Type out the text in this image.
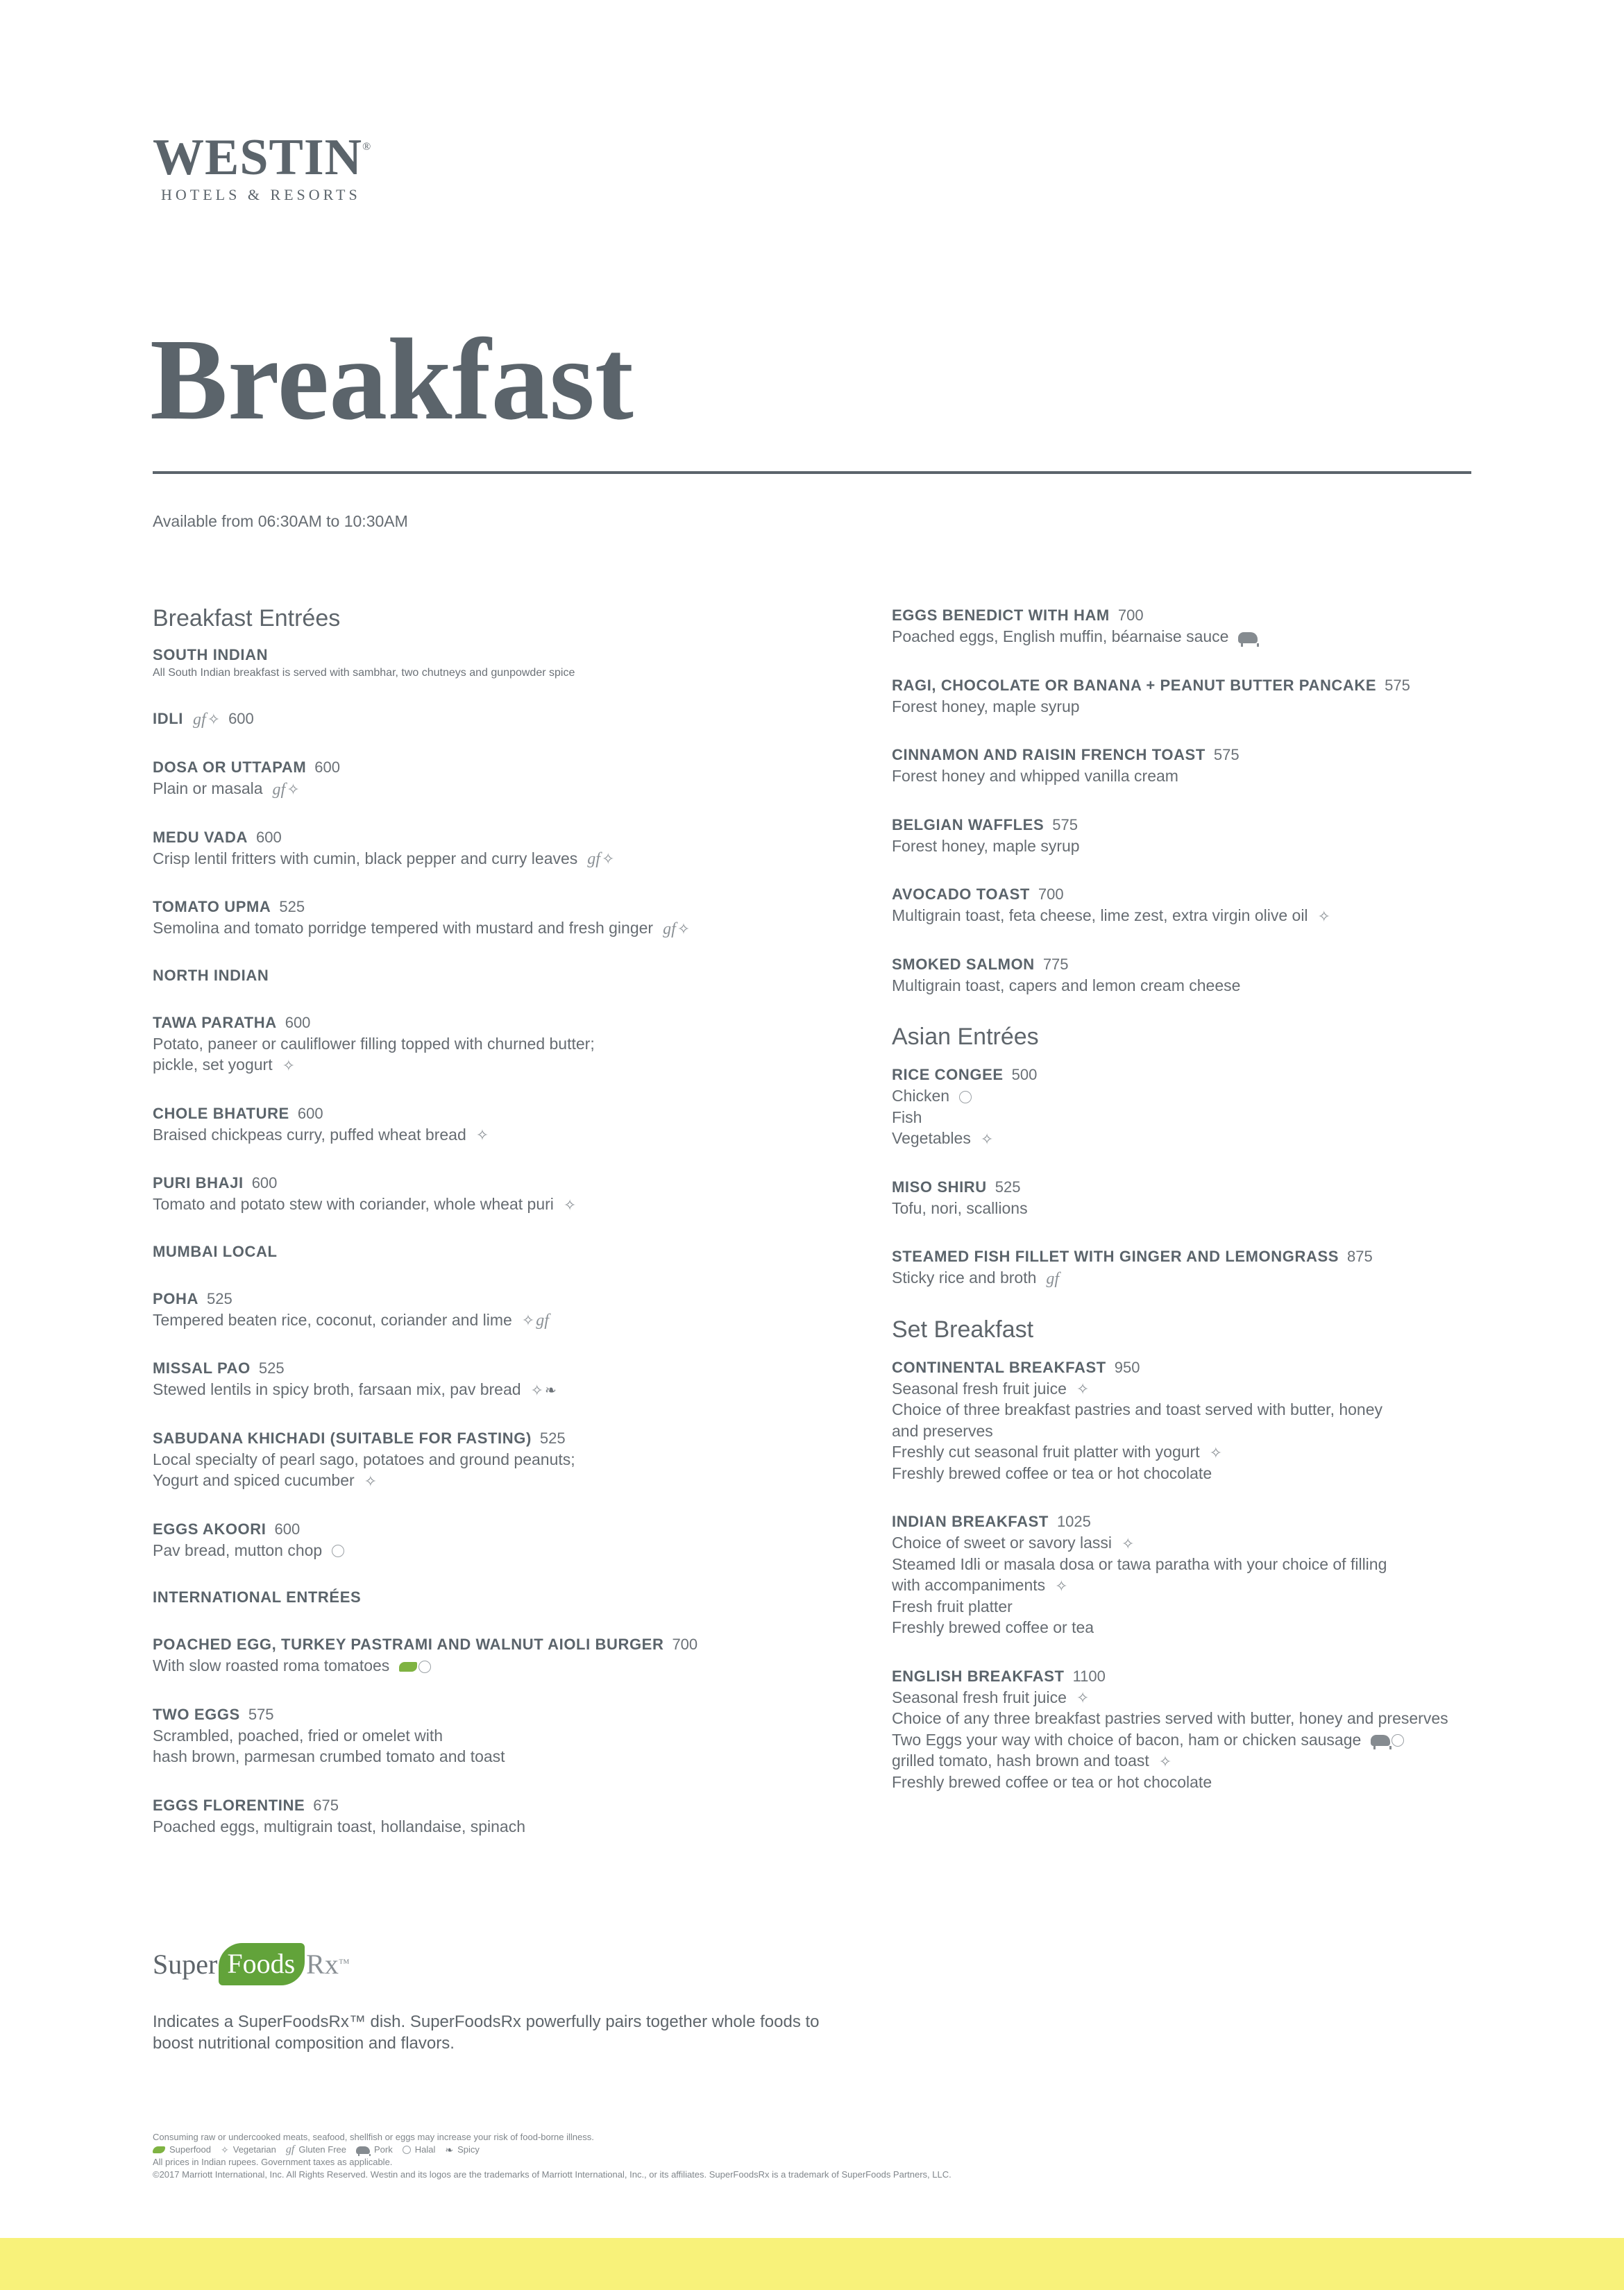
WESTIN®
HOTELS & RESORTS
Breakfast
Available from 06:30AM to 10:30AM
Breakfast Entrées
SOUTH INDIAN
All South Indian breakfast is served with sambhar, two chutneys and gunpowder spice
IDLI gf ✧ 600
DOSA OR UTTAPAM 600
Plain or masala gf ✧
MEDU VADA 600
Crisp lentil fritters with cumin, black pepper and curry leaves gf ✧
TOMATO UPMA 525
Semolina and tomato porridge tempered with mustard and fresh ginger gf ✧
NORTH INDIAN
TAWA PARATHA 600
Potato, paneer or cauliflower filling topped with churned butter;
pickle, set yogurt ✧
CHOLE BHATURE 600
Braised chickpeas curry, puffed wheat bread ✧
PURI BHAJI 600
Tomato and potato stew with coriander, whole wheat puri ✧
MUMBAI LOCAL
POHA 525
Tempered beaten rice, coconut, coriander and lime ✧ gf
MISSAL PAO 525
Stewed lentils in spicy broth, farsaan mix, pav bread ✧ ❧
SABUDANA KHICHADI (SUITABLE FOR FASTING) 525
Local specialty of pearl sago, potatoes and ground peanuts;
Yogurt and spiced cucumber ✧
EGGS AKOORI 600
Pav bread, mutton chop
INTERNATIONAL ENTRÉES
POACHED EGG, TURKEY PASTRAMI AND WALNUT AIOLI BURGER 700
With slow roasted roma tomatoes
TWO EGGS 575
Scrambled, poached, fried or omelet with
hash brown, parmesan crumbed tomato and toast
EGGS FLORENTINE 675
Poached eggs, multigrain toast, hollandaise, spinach
EGGS BENEDICT WITH HAM 700
Poached eggs, English muffin, béarnaise sauce
RAGI, CHOCOLATE OR BANANA + PEANUT BUTTER PANCAKE 575
Forest honey, maple syrup
CINNAMON AND RAISIN FRENCH TOAST 575
Forest honey and whipped vanilla cream
BELGIAN WAFFLES 575
Forest honey, maple syrup
AVOCADO TOAST 700
Multigrain toast, feta cheese, lime zest, extra virgin olive oil ✧
SMOKED SALMON 775
Multigrain toast, capers and lemon cream cheese
Asian Entrées
RICE CONGEE 500
Chicken
Fish
Vegetables ✧
MISO SHIRU 525
Tofu, nori, scallions
STEAMED FISH FILLET WITH GINGER AND LEMONGRASS 875
Sticky rice and broth gf
Set Breakfast
CONTINENTAL BREAKFAST 950
Seasonal fresh fruit juice ✧
Choice of three breakfast pastries and toast served with butter, honey
and preserves
Freshly cut seasonal fruit platter with yogurt ✧
Freshly brewed coffee or tea or hot chocolate
INDIAN BREAKFAST 1025
Choice of sweet or savory lassi ✧
Steamed Idli or masala dosa or tawa paratha with your choice of filling
with accompaniments ✧
Fresh fruit platter
Freshly brewed coffee or tea
ENGLISH BREAKFAST 1100
Seasonal fresh fruit juice ✧
Choice of any three breakfast pastries served with butter, honey and preserves
Two Eggs your way with choice of bacon, ham or chicken sausage
grilled tomato, hash brown and toast ✧
Freshly brewed coffee or tea or hot chocolate
Super Foods Rx ™

Indicates a SuperFoodsRx™ dish. SuperFoodsRx powerfully pairs together whole foods to boost nutritional composition and flavors.

Consuming raw or undercooked meats, seafood, shellfish or eggs may increase your risk of food-borne illness.
Superfood ✧ Vegetarian gf Gluten Free	Pork Halal ❧ Spicy
All prices in Indian rupees. Government taxes as applicable.
©2017 Marriott International, Inc. All Rights Reserved. Westin and its logos are the trademarks of Marriott International, Inc., or its affiliates. SuperFoodsRx is a trademark of SuperFoods Partners, LLC.
